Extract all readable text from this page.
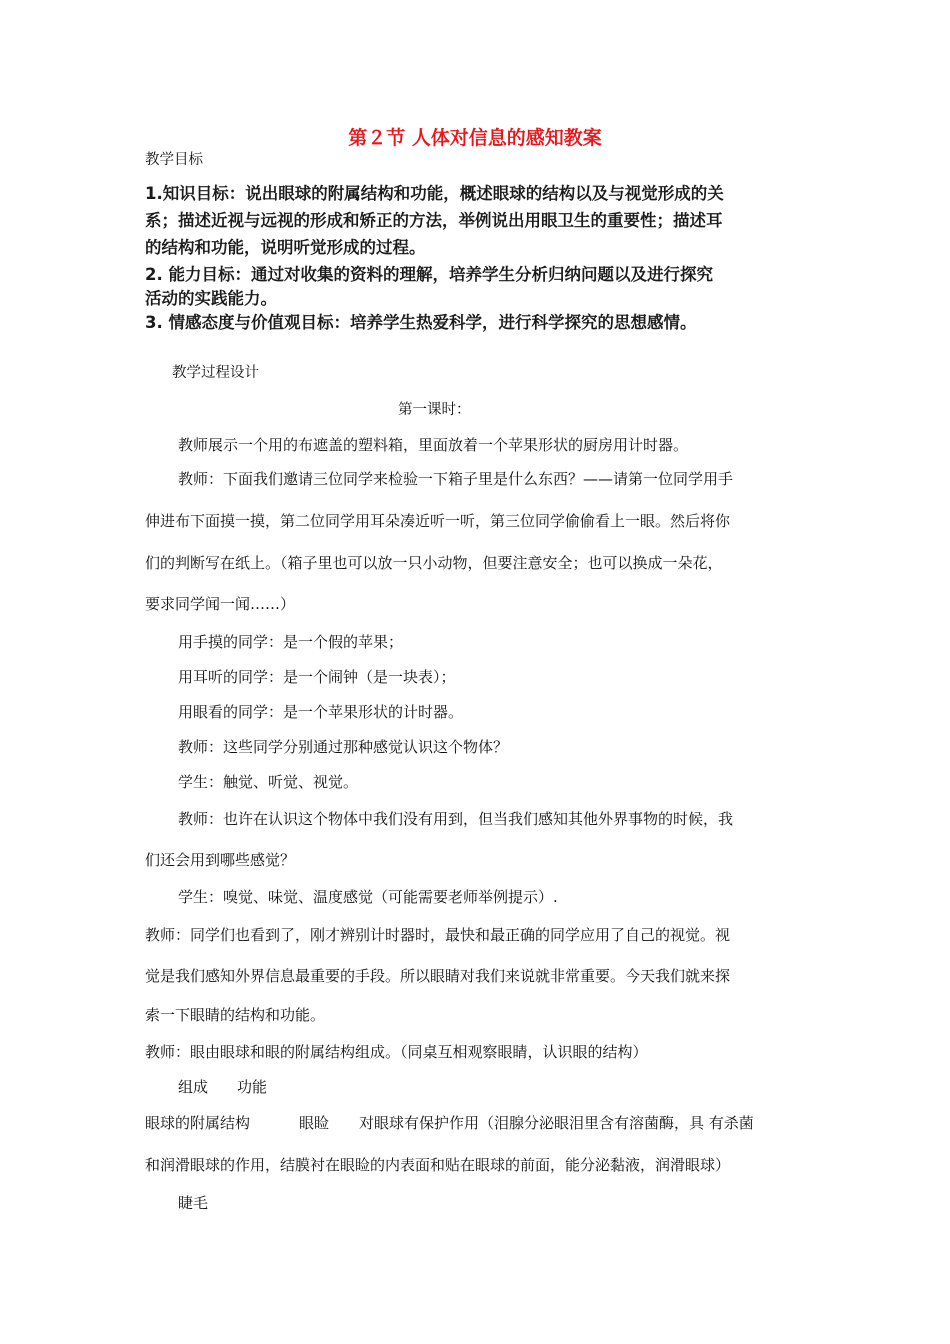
第２节 人体对信息的感知教案
教学目标
1.知识目标：说出眼球的附属结构和功能，概述眼球的结构以及与视觉形成的关
系；描述近视与远视的形成和矫正的方法，举例说出用眼卫生的重要性；描述耳
的结构和功能，说明听觉形成的过程。
2. 能力目标：通过对收集的资料的理解，培养学生分析归纳问题以及进行探究
活动的实践能力。
3. 情感态度与价值观目标：培养学生热爱科学，进行科学探究的思想感情。
教学过程设计
第一课时：
教师展示一个用的布遮盖的塑料箱，里面放着一个苹果形状的厨房用计时器。
教师：下面我们邀请三位同学来检验一下箱子里是什么东西？——请第一位同学用手
伸进布下面摸一摸，第二位同学用耳朵凑近听一听，第三位同学偷偷看上一眼。然后将你
们的判断写在纸上。（箱子里也可以放一只小动物，但要注意安全；也可以换成一朵花，
要求同学闻一闻……）
用手摸的同学：是一个假的苹果；
用耳听的同学：是一个闹钟（是一块表）；
用眼看的同学：是一个苹果形状的计时器。
教师：这些同学分别通过那种感觉认识这个物体？
学生：触觉、听觉、视觉。
教师：也许在认识这个物体中我们没有用到，但当我们感知其他外界事物的时候，我
们还会用到哪些感觉？
学生：嗅觉、味觉、温度感觉（可能需要老师举例提示）.
教师：同学们也看到了，刚才辨别计时器时，最快和最正确的同学应用了自己的视觉。视
觉是我们感知外界信息最重要的手段。所以眼睛对我们来说就非常重要。今天我们就来探
索一下眼睛的结构和功能。
教师：眼由眼球和眼的附属结构组成。（同桌互相观察眼睛，认识眼的结构）
组成 功能
眼球的附属结构	眼睑 对眼球有保护作用（泪腺分泌眼泪里含有溶菌酶，具 有杀菌
和润滑眼球的作用，结膜衬在眼睑的内表面和贴在眼球的前面，能分泌黏液，润滑眼球）
睫毛
